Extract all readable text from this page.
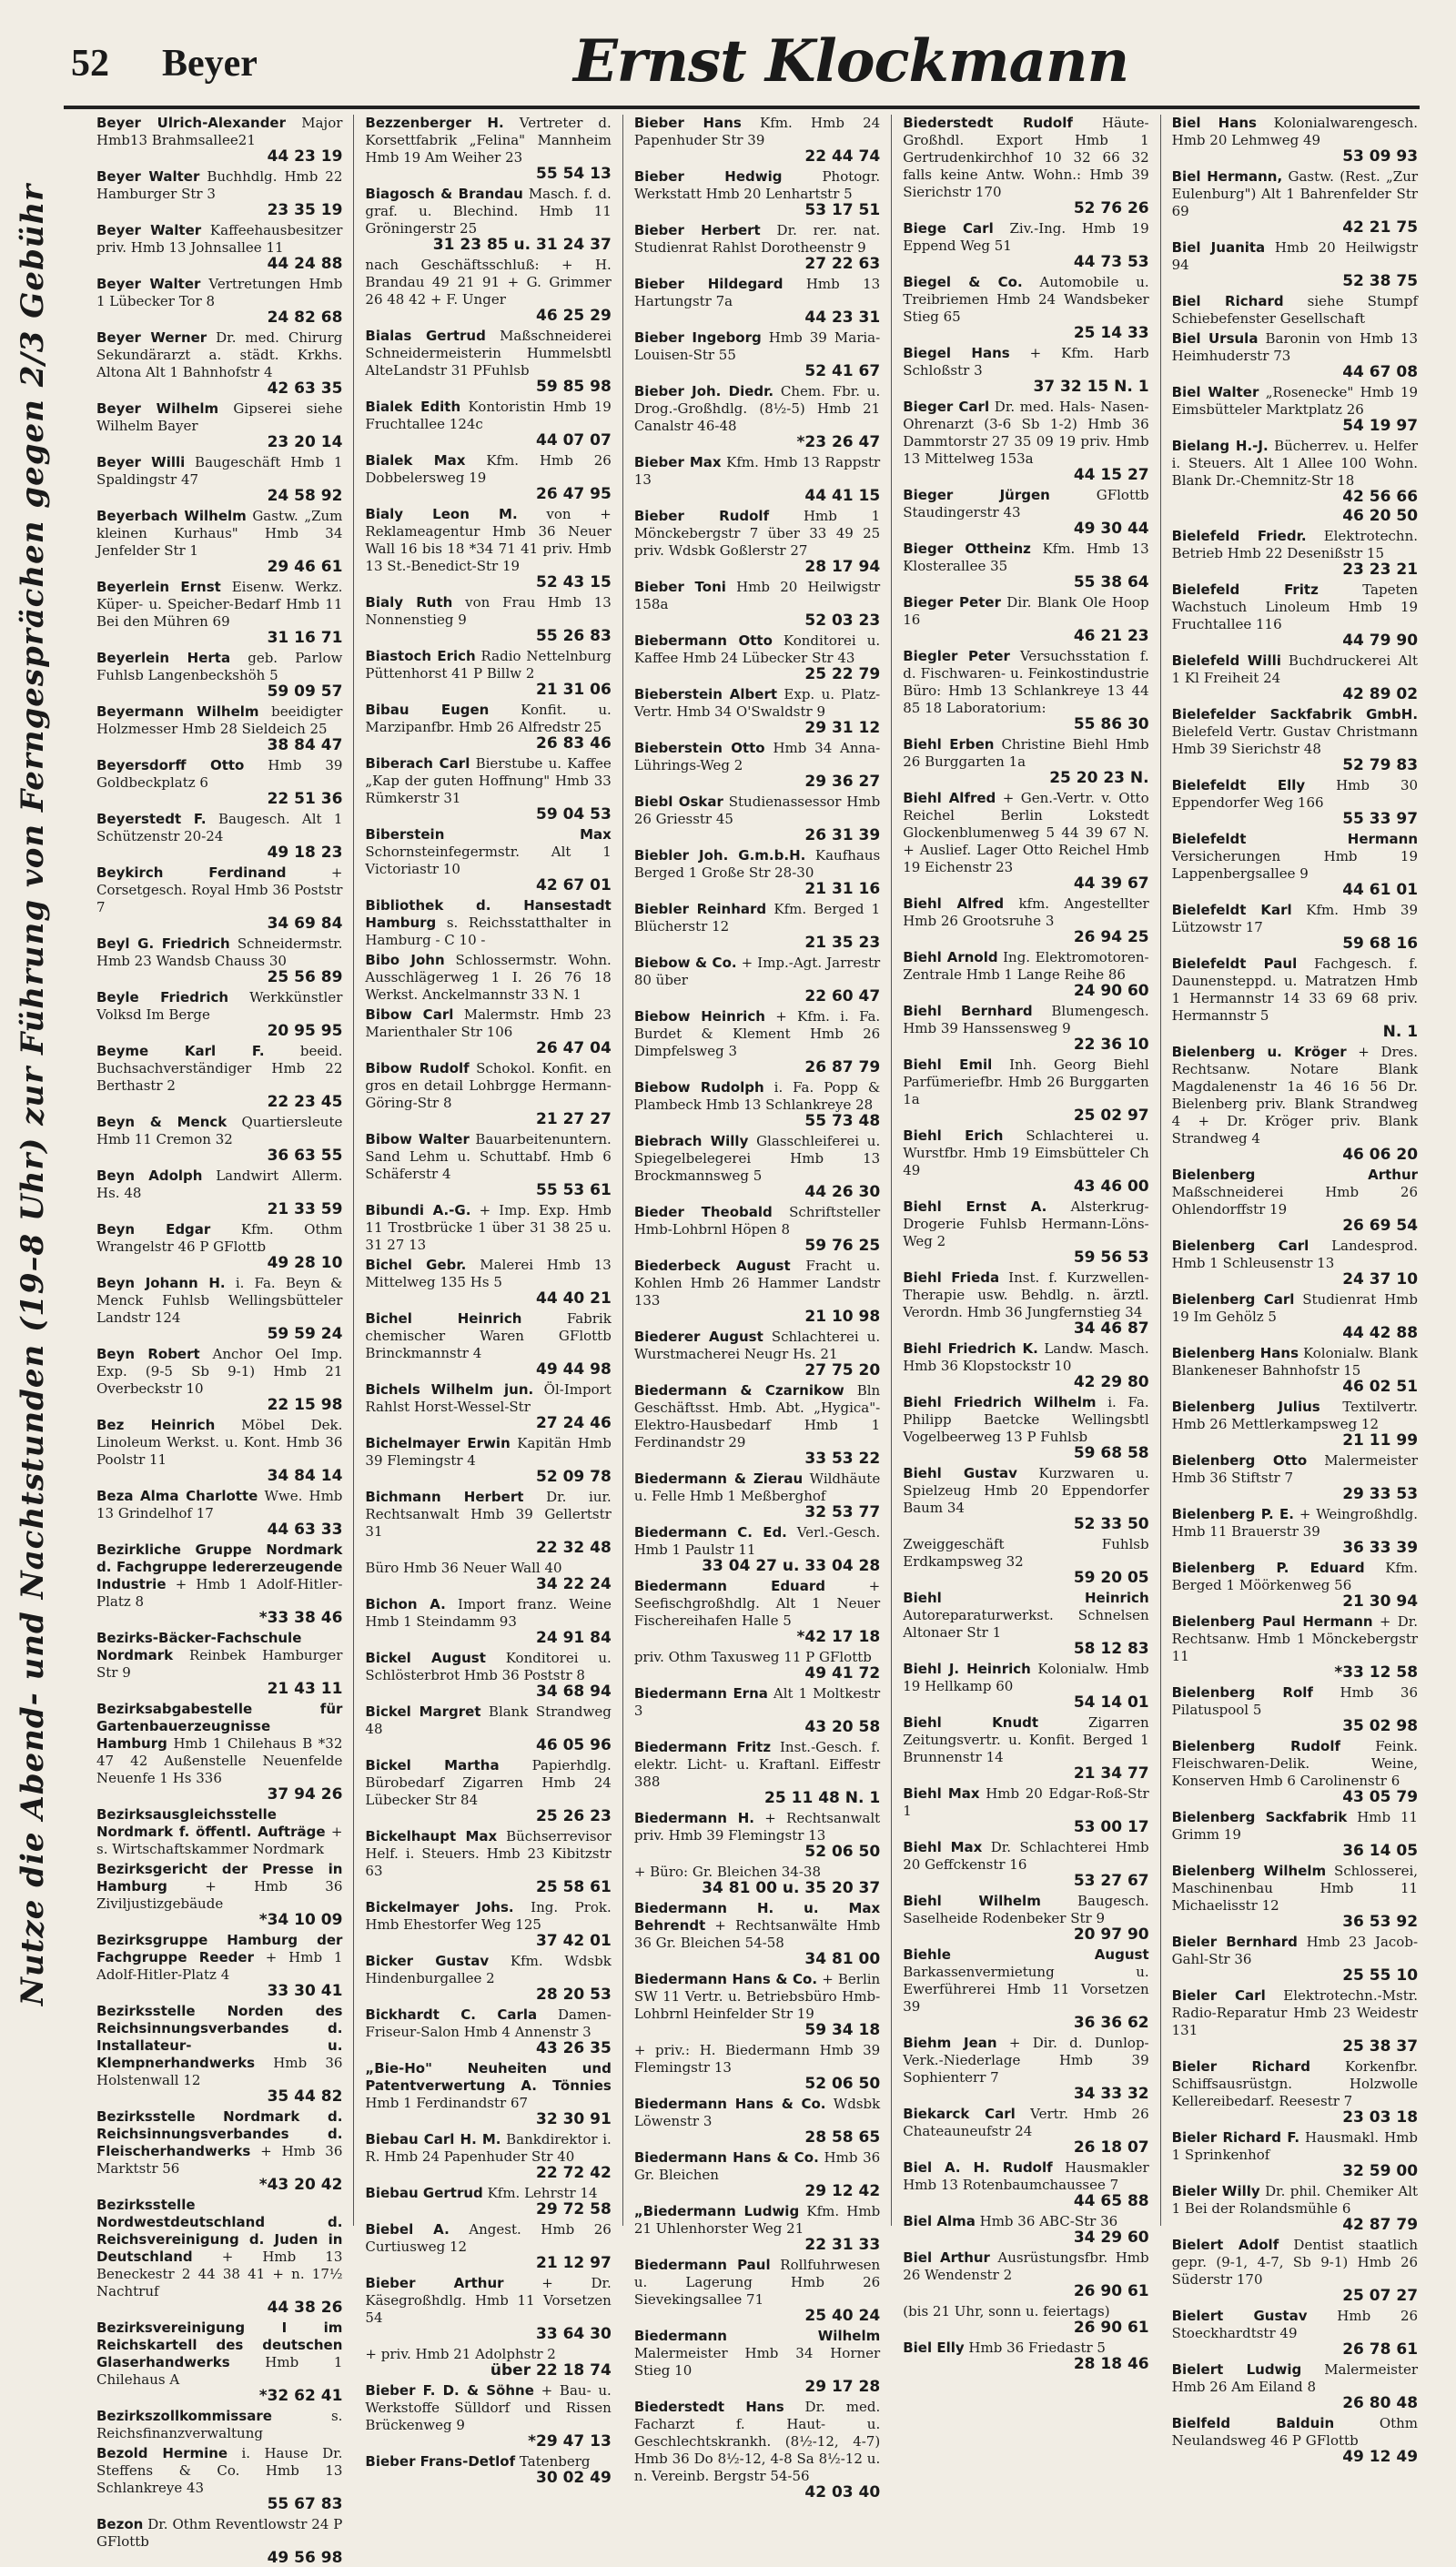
52 Beyer	Ernst Klockmann
Nutze die Abend- und Nachtstunden (19–8 Uhr) zur Führung von Ferngesprächen gegen 2/3 Gebühr
Beyer Ulrich-Alexander Major Hmb13 Brahmsallee21
44 23 19
Beyer Walter Buchhdlg. Hmb 22 Hamburger Str 3
23 35 19
Beyer Walter Kaffeehausbesitzer priv. Hmb 13 Johnsallee 11
44 24 88
Beyer Walter Vertretungen Hmb 1 Lübecker Tor 8
24 82 68
Beyer Werner Dr. med. Chirurg Sekundärarzt a. städt. Krkhs. Altona Alt 1 Bahnhofstr 4
42 63 35
Beyer Wilhelm Gipserei siehe Wilhelm Bayer
23 20 14
Beyer Willi Baugeschäft Hmb 1 Spaldingstr 47
24 58 92
Beyerbach Wilhelm Gastw. „Zum kleinen Kurhaus" Hmb 34 Jenfelder Str 1
29 46 61
Beyerlein Ernst Eisenw. Werkz. Küper- u. Speicher-Bedarf Hmb 11 Bei den Mühren 69
31 16 71
Beyerlein Herta geb. Parlow Fuhlsb Langenbeckshöh 5
59 09 57
Beyermann Wilhelm beeidigter Holzmesser Hmb 28 Sieldeich 25
38 84 47
Beyersdorff Otto Hmb 39 Goldbeckplatz 6
22 51 36
Beyerstedt F. Baugesch. Alt 1 Schützenstr 20-24
49 18 23
Beykirch Ferdinand	+ Corsetgesch. Royal Hmb 36 Poststr 7
34 69 84
Beyl G. Friedrich Schneidermstr. Hmb 23 Wandsb Chauss 30
25 56 89
Beyle Friedrich Werkkünstler Volksd Im Berge
20 95 95
Beyme Karl F.	beeid. Buchsachverständiger Hmb 22 Berthastr 2
22 23 45
Beyn & Menck Quartiersleute Hmb 11 Cremon 32
36 63 55
Beyn Adolph Landwirt Allerm. Hs. 48
21 33 59
Beyn Edgar Kfm. Othm Wrangelstr 46 P GFlottb
49 28 10
Beyn Johann H. i. Fa. Beyn & Menck Fuhlsb Wellingsbütteler Landstr 124
59 59 24
Beyn Robert Anchor Oel Imp. Exp. (9-5 Sb 9-1) Hmb 21 Overbeckstr 10
22 15 98
Bez Heinrich Möbel Dek. Linoleum Werkst. u. Kont. Hmb 36 Poolstr 11
34 84 14
Beza Alma Charlotte Wwe. Hmb 13 Grindelhof 17
44 63 33
Bezirkliche Gruppe Nordmark d. Fachgruppe ledererzeugende Industrie + Hmb 1 Adolf-Hitler-Platz 8
*33 38 46
Bezirks-Bäcker-Fachschule Nordmark Reinbek Hamburger Str 9
21 43 11
Bezirksabgabestelle für Gartenbauerzeugnisse Hamburg Hmb 1 Chilehaus B *32 47 42 Außenstelle Neuenfelde Neuenfe 1 Hs 336
37 94 26
Bezirksausgleichsstelle Nordmark f. öffentl. Aufträge + s. Wirtschaftskammer Nordmark
Bezirksgericht der Presse in Hamburg	+ Hmb 36 Ziviljustizgebäude
*34 10 09
Bezirksgruppe Hamburg der Fachgruppe Reeder + Hmb 1 Adolf-Hitler-Platz 4
33 30 41
Bezirksstelle Norden des Reichsinnungsverbandes d. Installateur- u. Klempnerhandwerks Hmb 36 Holstenwall 12
35 44 82
Bezirksstelle Nordmark d. Reichsinnungsverbandes d. Fleischerhandwerks + Hmb 36 Marktstr 56
*43 20 42
Bezirksstelle Nordwestdeutschland d. Reichsvereinigung d. Juden in Deutschland + Hmb 13 Beneckestr 2 44 38 41 + n. 17½ Nachtruf
44 38 26
Bezirksvereinigung I im Reichskartell des deutschen Glaserhandwerks	Hmb 1 Chilehaus A
*32 62 41
Bezirkszollkommissare	s. Reichsfinanzverwaltung
Bezold Hermine i. Hause Dr. Steffens & Co. Hmb 13 Schlankreye 43
55 67 83
Bezon Dr. Othm Reventlowstr 24 P GFlottb
49 56 98
Bezzenberger H. Vertreter d. Korsettfabrik „Felina" Mannheim Hmb 19 Am Weiher 23
55 54 13
Biagosch & Brandau Masch. f. d. graf. u. Blechind. Hmb 11 Gröningerstr 25
31 23 85 u. 31 24 37
nach Geschäftsschluß: + H. Brandau 49 21 91 + G. Grimmer 26 48 42 + F. Unger
46 25 29
Bialas Gertrud Maßschneiderei Schneidermeisterin Hummelsbtl AlteLandstr 31 PFuhlsb
59 85 98
Bialek Edith Kontoristin Hmb 19 Fruchtallee 124c
44 07 07
Bialek Max Kfm. Hmb 26 Dobbelersweg 19
26 47 95
Bialy Leon M. von + Reklameagentur Hmb 36 Neuer Wall 16 bis 18 *34 71 41 priv. Hmb 13 St.-Benedict-Str 19
52 43 15
Bialy Ruth von Frau Hmb 13 Nonnenstieg 9
55 26 83
Biastoch Erich Radio Nettelnburg Püttenhorst 41 P Billw 2
21 31 06
Bibau Eugen Konfit. u. Marzipanfbr. Hmb 26 Alfredstr 25
26 83 46
Biberach Carl Bierstube u. Kaffee „Kap der guten Hoffnung" Hmb 33 Rümkerstr 31
59 04 53
Biberstein Max Schornsteinfegermstr. Alt 1 Victoriastr 10
42 67 01
Bibliothek d. Hansestadt Hamburg s. Reichsstatthalter in Hamburg - C 10 -
Bibo John Schlossermstr. Wohn. Ausschlägerweg 1 I. 26 76 18 Werkst. Anckelmannstr 33 N. 1
Bibow Carl Malermstr. Hmb 23 Marienthaler Str 106
26 47 04
Bibow Rudolf Schokol. Konfit. en gros en detail Lohbrgge Hermann-Göring-Str 8
21 27 27
Bibow Walter Bauarbeitenuntern. Sand Lehm u. Schuttabf. Hmb 6 Schäferstr 4
55 53 61
Bibundi A.-G. + Imp. Exp. Hmb 11 Trostbrücke 1 über 31 38 25 u. 31 27 13
Bichel Gebr. Malerei Hmb 13 Mittelweg 135 Hs 5
44 40 21
Bichel Heinrich	Fabrik chemischer Waren GFlottb Brinckmannstr 4
49 44 98
Bichels Wilhelm jun. Öl-Import Rahlst Horst-Wessel-Str
27 24 46
Bichelmayer Erwin Kapitän Hmb 39 Flemingstr 4
52 09 78
Bichmann Herbert Dr. iur. Rechtsanwalt Hmb 39 Gellertstr 31
22 32 48
Büro Hmb 36 Neuer Wall 40
34 22 24
Bichon A. Import franz. Weine Hmb 1 Steindamm 93
24 91 84
Bickel August Konditorei u. Schlösterbrot Hmb 36 Poststr 8
34 68 94
Bickel Margret Blank Strandweg 48
46 05 96
Bickel Martha Papierhdlg. Bürobedarf Zigarren Hmb 24 Lübecker Str 84
25 26 23
Bickelhaupt Max Büchserrevisor Helf. i. Steuers. Hmb 23 Kibitzstr 63
25 58 61
Bickelmayer Johs. Ing. Prok. Hmb Ehestorfer Weg 125
37 42 01
Bicker Gustav Kfm. Wdsbk Hindenburgallee 2
28 20 53
Bickhardt C. Carla Damen-Friseur-Salon Hmb 4 Annenstr 3
43 26 35
„Bie-Ho" Neuheiten und Patentverwertung A. Tönnies Hmb 1 Ferdinandstr 67
32 30 91
Biebau Carl H. M. Bankdirektor i. R. Hmb 24 Papenhuder Str 40
22 72 42
Biebau Gertrud Kfm. Lehrstr 14
29 72 58
Biebel A. Angest. Hmb 26 Curtiusweg 12
21 12 97
Bieber Arthur	+ Dr. Käsegroßhdlg. Hmb 11 Vorsetzen 54
33 64 30
+ priv. Hmb 21 Adolphstr 2
über 22 18 74
Bieber F. D. & Söhne + Bau- u. Werkstoffe Sülldorf und Rissen Brückenweg 9
*29 47 13
Bieber Frans-Detlof Tatenberg
30 02 49
Bieber Hans Kfm. Hmb 24 Papenhuder Str 39
22 44 74
Bieber Hedwig	Photogr. Werkstatt Hmb 20 Lenhartstr 5
53 17 51
Bieber Herbert Dr. rer. nat. Studienrat Rahlst Dorotheenstr 9
27 22 63
Bieber Hildegard Hmb 13 Hartungstr 7a
44 23 31
Bieber Ingeborg Hmb 39 Maria-Louisen-Str 55
52 41 67
Bieber Joh. Diedr. Chem. Fbr. u. Drog.-Großhdlg. (8½-5) Hmb 21 Canalstr 46-48
*23 26 47
Bieber Max Kfm. Hmb 13 Rappstr 13
44 41 15
Bieber Rudolf	Hmb 1 Mönckebergstr 7 über 33 49 25 priv. Wdsbk Goßlerstr 27
28 17 94
Bieber Toni Hmb 20 Heilwigstr 158a
52 03 23
Biebermann Otto Konditorei u. Kaffee Hmb 24 Lübecker Str 43
25 22 79
Bieberstein Albert Exp. u. Platz-Vertr. Hmb 34 O'Swaldstr 9
29 31 12
Bieberstein Otto Hmb 34 Anna-Lührings-Weg 2
29 36 27
Biebl Oskar Studienassessor Hmb 26 Griesstr 45
26 31 39
Biebler Joh. G.m.b.H. Kaufhaus Berged 1 Große Str 28-30
21 31 16
Biebler Reinhard Kfm. Berged 1 Blücherstr 12
21 35 23
Biebow & Co. + Imp.-Agt. Jarrestr 80 über
22 60 47
Biebow Heinrich + Kfm. i. Fa. Burdet & Klement Hmb 26 Dimpfelsweg 3
26 87 79
Biebow Rudolph i. Fa. Popp & Plambeck Hmb 13 Schlankreye 28
55 73 48
Biebrach Willy Glasschleiferei u. Spiegelbelegerei Hmb 13 Brockmannsweg 5
44 26 30
Bieder Theobald Schriftsteller Hmb-Lohbrnl Höpen 8
59 76 25
Biederbeck August Fracht u. Kohlen Hmb 26 Hammer Landstr 133
21 10 98
Biederer August Schlachterei u. Wurstmacherei Neugr Hs. 21
27 75 20
Biedermann & Czarnikow Bln Geschäftsst. Hmb. Abt. „Hygica"-Elektro-Hausbedarf Hmb 1 Ferdinandstr 29
33 53 22
Biedermann & Zierau Wildhäute u. Felle Hmb 1 Meßberghof
32 53 77
Biedermann C. Ed. Verl.-Gesch. Hmb 1 Paulstr 11
33 04 27 u. 33 04 28
Biedermann Eduard	+ Seefischgroßhdlg. Alt 1 Neuer Fischereihafen Halle 5
*42 17 18
priv. Othm Taxusweg 11 P GFlottb
49 41 72
Biedermann Erna Alt 1 Moltkestr 3
43 20 58
Biedermann Fritz Inst.-Gesch. f. elektr. Licht- u. Kraftanl. Eiffestr 388
25 11 48 N. 1
Biedermann H. + Rechtsanwalt priv. Hmb 39 Flemingstr 13
52 06 50
+ Büro: Gr. Bleichen 34-38
34 81 00 u. 35 20 37
Biedermann H. u. Max Behrendt + Rechtsanwälte Hmb 36 Gr. Bleichen 54-58
34 81 00
Biedermann Hans & Co. + Berlin SW 11 Vertr. u. Betriebsbüro Hmb-Lohbrnl Heinfelder Str 19
59 34 18
+ priv.: H. Biedermann Hmb 39 Flemingstr 13
52 06 50
Biedermann Hans & Co. Wdsbk Löwenstr 3
28 58 65
Biedermann Hans & Co. Hmb 36 Gr. Bleichen
29 12 42
„Biedermann Ludwig Kfm. Hmb 21 Uhlenhorster Weg 21
22 31 33
Biedermann Paul Rollfuhrwesen u. Lagerung Hmb 26 Sievekingsallee 71
25 40 24
Biedermann Wilhelm Malermeister Hmb 34 Horner Stieg 10
29 17 28
Biederstedt Hans Dr. med. Facharzt f. Haut- u. Geschlechtskrankh. (8½-12, 4-7) Hmb 36 Do 8½-12, 4-8 Sa 8½-12 u. n. Vereinb. Bergstr 54-56
42 03 40
Biederstedt Rudolf Häute-Großhdl. Export Hmb 1 Gertrudenkirchhof 10 32 66 32 falls keine Antw. Wohn.: Hmb 39 Sierichstr 170
52 76 26
Biege Carl Ziv.-Ing. Hmb 19 Eppend Weg 51
44 73 53
Biegel & Co. Automobile u. Treibriemen Hmb 24 Wandsbeker Stieg 65
25 14 33
Biegel Hans + Kfm. Harb Schloßstr 3
37 32 15 N. 1
Bieger Carl Dr. med. Hals- Nasen- Ohrenarzt (3-6 Sb 1-2) Hmb 36 Dammtorstr 27 35 09 19 priv. Hmb 13 Mittelweg 153a
44 15 27
Bieger Jürgen	GFlottb Staudingerstr 43
49 30 44
Bieger Ottheinz Kfm. Hmb 13 Klosterallee 35
55 38 64
Bieger Peter Dir. Blank Ole Hoop 16
46 21 23
Biegler Peter Versuchsstation f. d. Fischwaren- u. Feinkostindustrie Büro: Hmb 13 Schlankreye 13 44 85 18 Laboratorium:
55 86 30
Biehl Erben Christine Biehl Hmb 26 Burggarten 1a
25 20 23 N.
Biehl Alfred + Gen.-Vertr. v. Otto Reichel Berlin Lokstedt Glockenblumenweg 5 44 39 67 N. + Auslief. Lager Otto Reichel Hmb 19 Eichenstr 23
44 39 67
Biehl Alfred kfm. Angestellter Hmb 26 Grootsruhe 3
26 94 25
Biehl Arnold Ing. Elektromotoren-Zentrale Hmb 1 Lange Reihe 86
24 90 60
Biehl Bernhard Blumengesch. Hmb 39 Hanssensweg 9
22 36 10
Biehl Emil Inh. Georg Biehl Parfümeriefbr. Hmb 26 Burggarten 1a
25 02 97
Biehl Erich Schlachterei u. Wurstfbr. Hmb 19 Eimsbütteler Ch 49
43 46 00
Biehl Ernst A. Alsterkrug-Drogerie Fuhlsb Hermann-Löns-Weg 2
59 56 53
Biehl Frieda Inst. f. Kurzwellen-Therapie usw. Behdlg. n. ärztl. Verordn. Hmb 36 Jungfernstieg 34
34 46 87
Biehl Friedrich K. Landw. Masch. Hmb 36 Klopstockstr 10
42 29 80
Biehl Friedrich Wilhelm i. Fa. Philipp Baetcke Wellingsbtl Vogelbeerweg 13 P Fuhlsb
59 68 58
Biehl Gustav Kurzwaren u. Spielzeug Hmb 20 Eppendorfer Baum 34
52 33 50
Zweiggeschäft Fuhlsb Erdkampsweg 32
59 20 05
Biehl Heinrich Autoreparaturwerkst. Schnelsen Altonaer Str 1
58 12 83
Biehl J. Heinrich Kolonialw. Hmb 19 Hellkamp 60
54 14 01
Biehl Knudt	Zigarren Zeitungsvertr. u. Konfit. Berged 1 Brunnenstr 14
21 34 77
Biehl Max Hmb 20 Edgar-Roß-Str 1
53 00 17
Biehl Max Dr. Schlachterei Hmb 20 Geffckenstr 16
53 27 67
Biehl Wilhelm	Baugesch. Saselheide Rodenbeker Str 9
20 97 90
Biehle August Barkassenvermietung u. Ewerführerei Hmb 11 Vorsetzen 39
36 36 62
Biehm Jean + Dir. d. Dunlop-Verk.-Niederlage Hmb 39 Sophienterr 7
34 33 32
Biekarck Carl Vertr. Hmb 26 Chateauneufstr 24
26 18 07
Biel A. H. Rudolf Hausmakler Hmb 13 Rotenbaumchaussee 7
44 65 88
Biel Alma Hmb 36 ABC-Str 36
34 29 60
Biel Arthur Ausrüstungsfbr. Hmb 26 Wendenstr 2
26 90 61
(bis 21 Uhr, sonn u. feiertags)
26 90 61
Biel Elly Hmb 36 Friedastr 5
28 18 46
Biel Hans Kolonialwarengesch. Hmb 20 Lehmweg 49
53 09 93
Biel Hermann, Gastw. (Rest. „Zur Eulenburg") Alt 1 Bahrenfelder Str 69
42 21 75
Biel Juanita Hmb 20 Heilwigstr 94
52 38 75
Biel Richard siehe Stumpf Schiebefenster Gesellschaft
Biel Ursula Baronin von Hmb 13 Heimhuderstr 73
44 67 08
Biel Walter „Rosenecke" Hmb 19 Eimsbütteler Marktplatz 26
54 19 97
Bielang H.-J. Bücherrev. u. Helfer i. Steuers. Alt 1 Allee 100 Wohn. Blank Dr.-Chemnitz-Str 18
42 56 66
46 20 50
Bielefeld Friedr. Elektrotechn. Betrieb Hmb 22 Desenißstr 15
23 23 21
Bielefeld Fritz	Tapeten Wachstuch Linoleum Hmb 19 Fruchtallee 116
44 79 90
Bielefeld Willi Buchdruckerei Alt 1 Kl Freiheit 24
42 89 02
Bielefelder Sackfabrik GmbH. Bielefeld Vertr. Gustav Christmann Hmb 39 Sierichstr 48
52 79 83
Bielefeldt Elly Hmb 30 Eppendorfer Weg 166
55 33 97
Bielefeldt Hermann Versicherungen Hmb 19 Lappenbergsallee 9
44 61 01
Bielefeldt Karl Kfm. Hmb 39 Lützowstr 17
59 68 16
Bielefeldt Paul Fachgesch. f. Daunensteppd. u. Matratzen Hmb 1 Hermannstr 14 33 69 68 priv. Hermannstr 5
N. 1
Bielenberg u. Kröger + Dres. Rechtsanw. Notare Blank Magdalenenstr 1a 46 16 56 Dr. Bielenberg priv. Blank Strandweg 4 + Dr. Kröger priv. Blank Strandweg 4
46 06 20
Bielenberg Arthur Maßschneiderei Hmb 26 Ohlendorffstr 19
26 69 54
Bielenberg Carl Landesprod. Hmb 1 Schleusenstr 13
24 37 10
Bielenberg Carl Studienrat Hmb 19 Im Gehölz 5
44 42 88
Bielenberg Hans Kolonialw. Blank Blankeneser Bahnhofstr 15
46 02 51
Bielenberg Julius Textilvertr. Hmb 26 Mettlerkampsweg 12
21 11 99
Bielenberg Otto Malermeister Hmb 36 Stiftstr 7
29 33 53
Bielenberg P. E. + Weingroßhdlg. Hmb 11 Brauerstr 39
36 33 39
Bielenberg P. Eduard Kfm. Berged 1 Möörkenweg 56
21 30 94
Bielenberg Paul Hermann + Dr. Rechtsanw. Hmb 1 Mönckebergstr 11
*33 12 58
Bielenberg Rolf Hmb 36 Pilatuspool 5
35 02 98
Bielenberg Rudolf	Feink. Fleischwaren-Delik. Weine, Konserven Hmb 6 Carolinenstr 6
43 05 79
Bielenberg Sackfabrik Hmb 11 Grimm 19
36 14 05
Bielenberg Wilhelm Schlosserei, Maschinenbau Hmb 11 Michaelisstr 12
36 53 92
Bieler Bernhard Hmb 23 Jacob-Gahl-Str 36
25 55 10
Bieler Carl Elektrotechn.-Mstr. Radio-Reparatur Hmb 23 Weidestr 131
25 38 37
Bieler Richard	Korkenfbr. Schiffsausrüstgn. Holzwolle Kellereibedarf. Reesestr 7
23 03 18
Bieler Richard F. Hausmakl. Hmb 1 Sprinkenhof
32 59 00
Bieler Willy Dr. phil. Chemiker Alt 1 Bei der Rolandsmühle 6
42 87 79
Bielert Adolf Dentist staatlich gepr. (9-1, 4-7, Sb 9-1) Hmb 26 Süderstr 170
25 07 27
Bielert Gustav Hmb 26 Stoeckhardtstr 49
26 78 61
Bielert Ludwig Malermeister Hmb 26 Am Eiland 8
26 80 48
Bielfeld Balduin	Othm Neulandsweg 46 P GFlottb
49 12 49
